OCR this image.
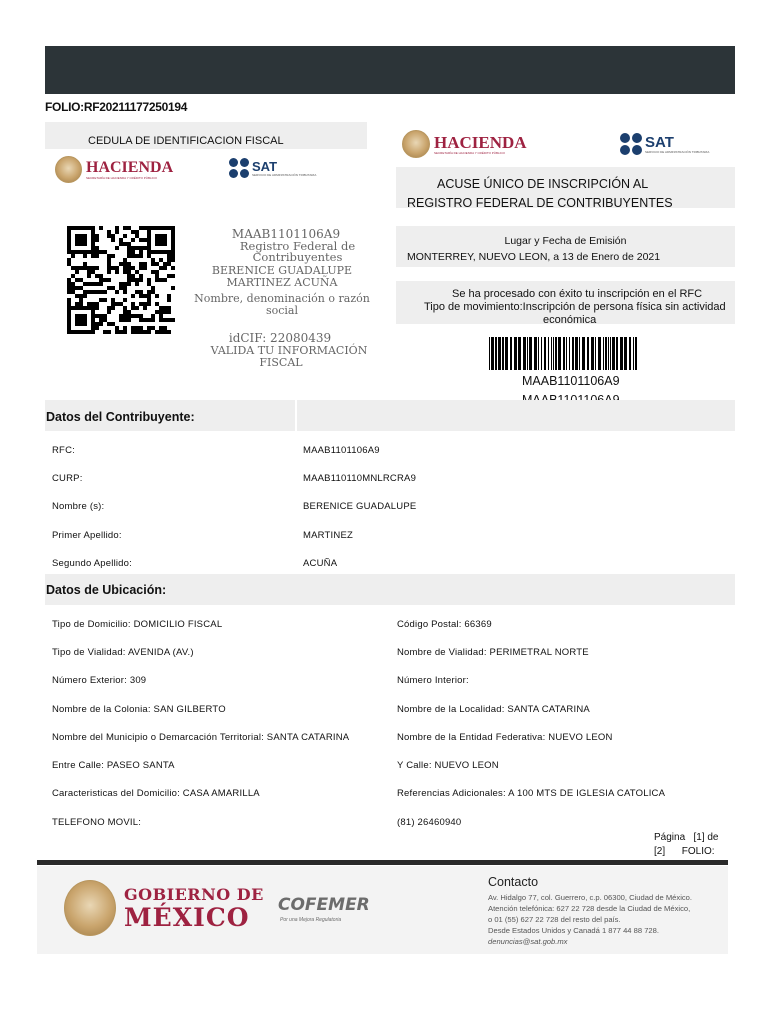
FOLIO:RF20211177250194
CEDULA DE IDENTIFICACION FISCAL
HACIENDA
SECRETARÍA DE HACIENDA Y CRÉDITO PÚBLICO
SAT
SERVICIO DE ADMINISTRACIÓN TRIBUTARIA
MAAB1101106A9
Registro Federal de Contribuyentes
BERENICE GUADALUPE
MARTINEZ ACUÑA
Nombre, denominación o razón
social
idCIF: 22080439
VALIDA TU INFORMACIÓN
FISCAL
HACIENDA
SECRETARÍA DE HACIENDA Y CRÉDITO PÚBLICO
SAT
SERVICIO DE ADMINISTRACIÓN TRIBUTARIA
ACUSE ÚNICO DE INSCRIPCIÓN AL
REGISTRO FEDERAL DE CONTRIBUYENTES
Lugar y Fecha de Emisión
MONTERREY, NUEVO LEON, a 13 de Enero de 2021
Se ha procesado con éxito tu inscripción en el RFC
Tipo de movimiento:Inscripción de persona física sin actividad
económica
MAAB1101106A9
Datos del Contribuyente:
RFC:	MAAB1101106A9
CURP:	MAAB110110MNLRCRA9
Nombre (s):	BERENICE GUADALUPE
Primer Apellido:	MARTINEZ
Segundo Apellido:	ACUÑA
Datos de Ubicación:
Tipo de Domicilio: DOMICILIO FISCAL	Código Postal: 66369
Tipo de Vialidad: AVENIDA (AV.)	Nombre de Vialidad: PERIMETRAL NORTE
Número Exterior: 309	Número Interior:
Nombre de la Colonia: SAN GILBERTO	Nombre de la Localidad: SANTA CATARINA
Nombre del Municipio o Demarcación Territorial: SANTA CATARINA	Nombre de la Entidad Federativa: NUEVO LEON
Entre Calle: PASEO SANTA	Y Calle: NUEVO LEON
Caracteristicas del Domicilio: CASA AMARILLA	Referencias Adicionales: A 100 MTS DE IGLESIA CATOLICA
TELEFONO MOVIL:	(81) 26460940
Página   [1] de
[2]      FOLIO:
GOBIERNO DE
MÉXICO COFEMER
Por una Mejora Regulatoria
Contacto
Av. Hidalgo 77, col. Guerrero, c.p. 06300, Ciudad de México.
Atención telefónica: 627 22 728 desde la Ciudad de México,
o 01 (55) 627 22 728 del resto del país.
Desde Estados Unidos y Canadá 1 877 44 88 728.
denuncias@sat.gob.mx
